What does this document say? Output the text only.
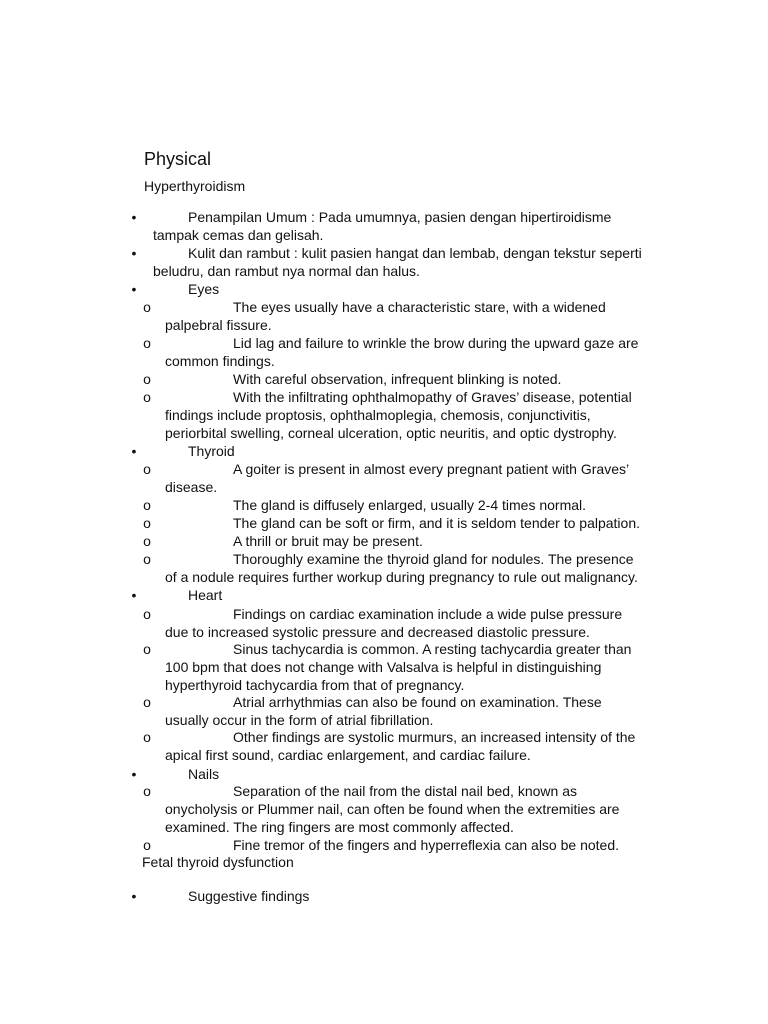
Physical
Hyperthyroidism
•	Penampilan Umum : Pada umumnya, pasien dengan hipertiroidisme
tampak cemas dan gelisah.
•	Kulit dan rambut : kulit pasien hangat dan lembab, dengan tekstur seperti
beludru, dan rambut nya normal dan halus.
•	Eyes
o	The eyes usually have a characteristic stare, with a widened
palpebral fissure.
o	Lid lag and failure to wrinkle the brow during the upward gaze are
common findings.
o	With careful observation, infrequent blinking is noted.
o	With the infiltrating ophthalmopathy of Graves’ disease, potential
findings include proptosis, ophthalmoplegia, chemosis, conjunctivitis,
periorbital swelling, corneal ulceration, optic neuritis, and optic dystrophy.
•	Thyroid
o	A goiter is present in almost every pregnant patient with Graves’
disease.
o	The gland is diffusely enlarged, usually 2-4 times normal.
o	The gland can be soft or firm, and it is seldom tender to palpation.
o	A thrill or bruit may be present.
o	Thoroughly examine the thyroid gland for nodules. The presence
of a nodule requires further workup during pregnancy to rule out malignancy.
•	Heart
o	Findings on cardiac examination include a wide pulse pressure
due to increased systolic pressure and decreased diastolic pressure.
o	Sinus tachycardia is common. A resting tachycardia greater than
100 bpm that does not change with Valsalva is helpful in distinguishing
hyperthyroid tachycardia from that of pregnancy.
o	Atrial arrhythmias can also be found on examination. These
usually occur in the form of atrial fibrillation.
o	Other findings are systolic murmurs, an increased intensity of the
apical first sound, cardiac enlargement, and cardiac failure.
•	Nails
o	Separation of the nail from the distal nail bed, known as
onycholysis or Plummer nail, can often be found when the extremities are
examined. The ring fingers are most commonly affected.
o	Fine tremor of the fingers and hyperreflexia can also be noted.
Fetal thyroid dysfunction
•	Suggestive findings
